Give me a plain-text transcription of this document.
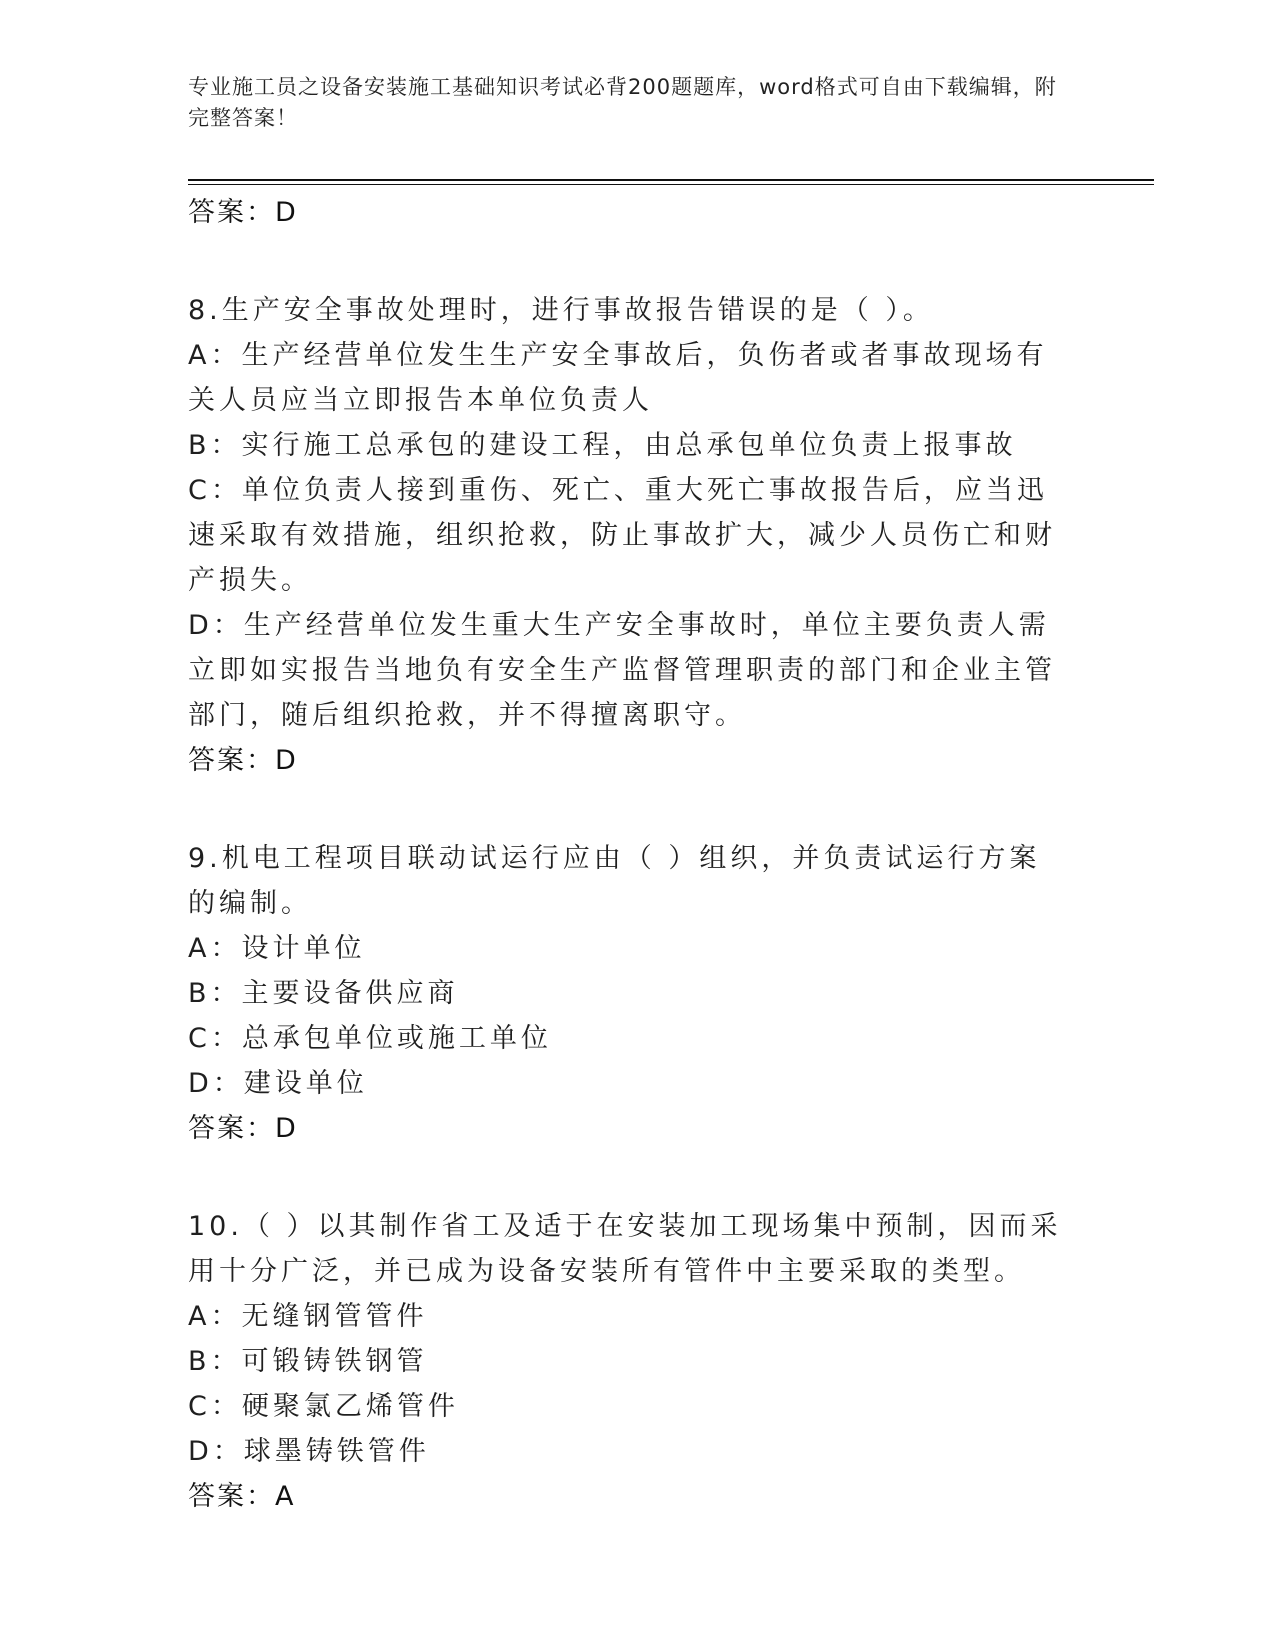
专业施工员之设备安装施工基础知识考试必背200题题库，word格式可自由下载编辑，附完整答案！
答案：D

8.生产安全事故处理时，进行事故报告错误的是（ ）。

A：生产经营单位发生生产安全事故后，负伤者或者事故现场有关人员应当立即报告本单位负责人

B：实行施工总承包的建设工程，由总承包单位负责上报事故

C：单位负责人接到重伤、死亡、重大死亡事故报告后，应当迅速采取有效措施，组织抢救，防止事故扩大，减少人员伤亡和财产损失。

D：生产经营单位发生重大生产安全事故时，单位主要负责人需立即如实报告当地负有安全生产监督管理职责的部门和企业主管部门，随后组织抢救，并不得擅离职守。

答案：D

9.机电工程项目联动试运行应由（ ）组织，并负责试运行方案的编制。

A：设计单位

B：主要设备供应商

C：总承包单位或施工单位

D：建设单位

答案：D

10.（ ）以其制作省工及适于在安装加工现场集中预制，因而采用十分广泛，并已成为设备安装所有管件中主要采取的类型。

A：无缝钢管管件

B：可锻铸铁钢管

C：硬聚氯乙烯管件

D：球墨铸铁管件

答案：A
